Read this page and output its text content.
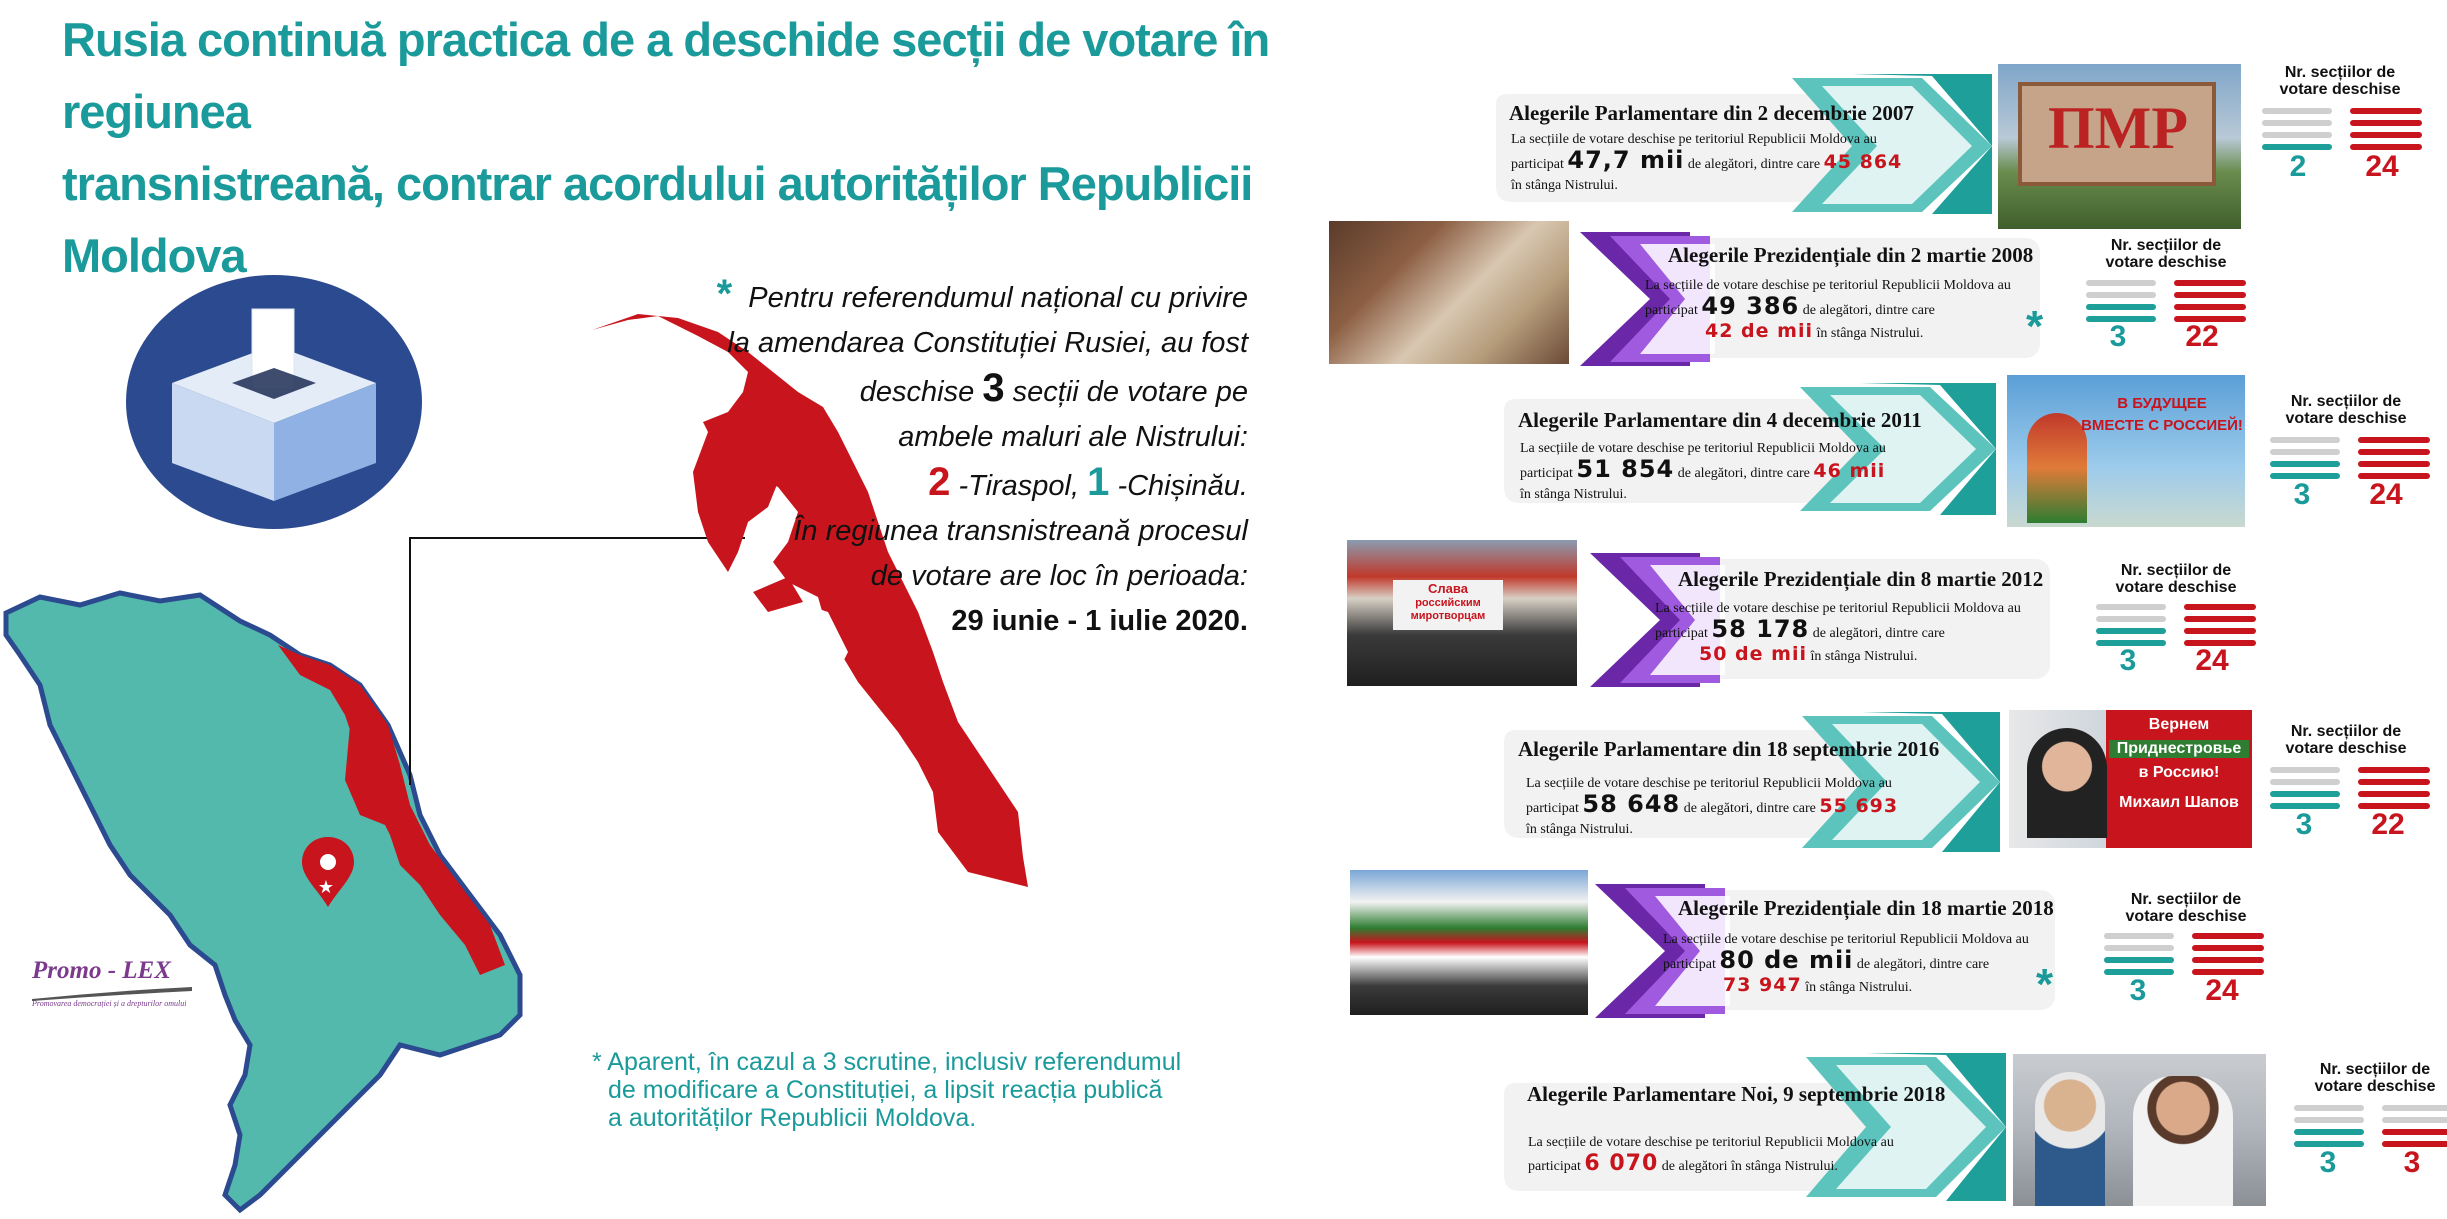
Rusia continuă practica de a deschide secții de votare în regiunea
transnistreană, contrar acordului autorităților Republicii Moldova
★
* Pentru referendumul național cu privire
la amendarea Constituției Rusiei, au fost
deschise 3 secții de votare pe
ambele maluri ale Nistrului:
2 -Tiraspol, 1 -Chișinău.
În regiunea transnistreană procesul
de votare are loc în perioada:
29 iunie - 1 iulie 2020.
* Aparent, în cazul a 3 scrutine, inclusiv referendumul
de modificare a Constituției, a lipsit reacția publică
a autorităților Republicii Moldova.
Promo - LEX
Promovarea democrației și a drepturilor omului
Alegerile Parlamentare din 2 decembrie 2007
La secțiile de votare deschise pe teritoriul Republicii Moldova au
participat 47,7 mii de alegători, dintre care 45 864
în stânga Nistrului.
ПМР
Nr. secțiilor de votare deschise
2	24
Alegerile Prezidențiale din 2 martie 2008
La secțiile de votare deschise pe teritoriul Republicii Moldova au
participat 49 386 de alegători, dintre care
42 de mii în stânga Nistrului.	*
Nr. secțiilor de votare deschise
3	22
Alegerile Parlamentare din 4 decembrie 2011
La secțiile de votare deschise pe teritoriul Republicii Moldova au
participat 51 854 de alegători, dintre care 46 mii
în stânga Nistrului.
В БУДУЩЕЕ
ВМЕСТЕ С РОССИЕЙ!
Nr. secțiilor de votare deschise
3	24
Слава
российским
миротворцам
Alegerile Prezidențiale din 8 martie 2012
La secțiile de votare deschise pe teritoriul Republicii Moldova au
participat 58 178 de alegători, dintre care
50 de mii în stânga Nistrului.
Nr. secțiilor de votare deschise
3	24
Alegerile Parlamentare din 18 septembrie 2016
La secțiile de votare deschise pe teritoriul Republicii Moldova au
participat 58 648 de alegători, dintre care 55 693
în stânga Nistrului.
Вернем
Приднестровье
в Россию!
Михаил Шапов
Nr. secțiilor de votare deschise
3	22
Alegerile Prezidențiale din 18 martie 2018
La secțiile de votare deschise pe teritoriul Republicii Moldova au
participat 80 de mii de alegători, dintre care
73 947 în stânga Nistrului.	*
Nr. secțiilor de votare deschise
3	24
Alegerile Parlamentare Noi, 9 septembrie 2018
La secțiile de votare deschise pe teritoriul Republicii Moldova au
participat 6 070 de alegători în stânga Nistrului.
Nr. secțiilor de votare deschise
3	3
